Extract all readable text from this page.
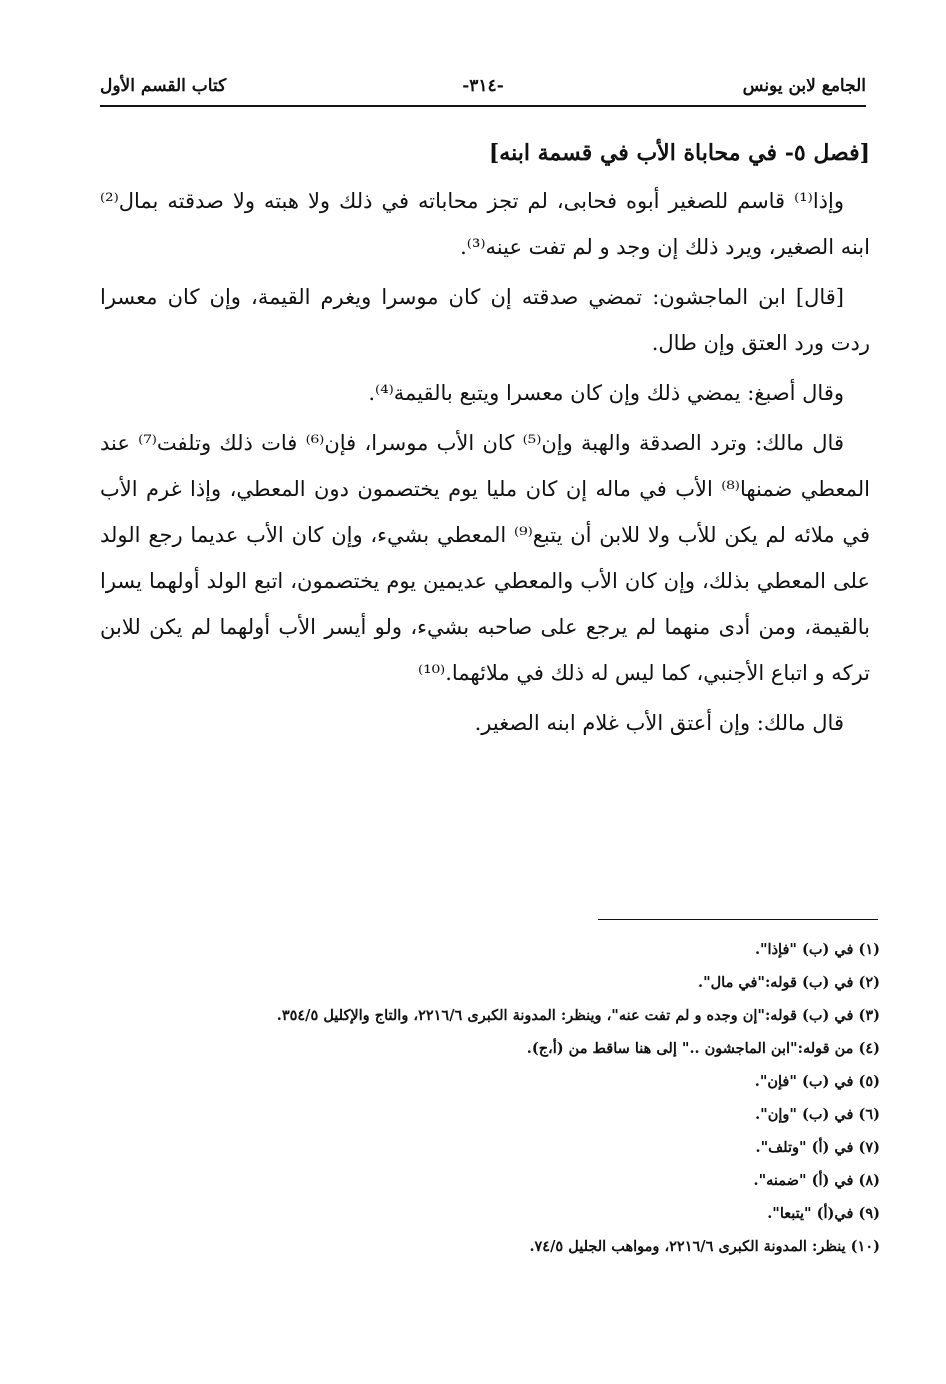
الجامع لابن يونس
-٣١٤-
كتاب القسم الأول

[فصل ٥- في محاباة الأب في قسمة ابنه]

وإذا⁽¹⁾ قاسم للصغير أبوه فحابى، لم تجز محاباته في ذلك ولا هبته ولا صدقته بمال⁽²⁾ ابنه الصغير، ويرد ذلك إن وجد و لم تفت عينه⁽³⁾.

[قال] ابن الماجشون: تمضي صدقته إن كان موسرا ويغرم القيمة، وإن كان معسرا ردت ورد العتق وإن طال.

وقال أصبغ: يمضي ذلك وإن كان معسرا ويتبع بالقيمة⁽⁴⁾.

قال مالك: وترد الصدقة والهبة وإن⁽⁵⁾ كان الأب موسرا، فإن⁽⁶⁾ فات ذلك وتلفت⁽⁷⁾ عند المعطي ضمنها⁽⁸⁾ الأب في ماله إن كان مليا يوم يختصمون دون المعطي، وإذا غرم الأب في ملائه لم يكن للأب ولا للابن أن يتبع⁽⁹⁾ المعطي بشيء، وإن كان الأب عديما رجع الولد على المعطي بذلك، وإن كان الأب والمعطي عديمين يوم يختصمون، اتبع الولد أولهما يسرا بالقيمة، ومن أدى منهما لم يرجع على صاحبه بشيء، ولو أيسر الأب أولهما لم يكن للابن تركه و اتباع الأجنبي، كما ليس له ذلك في ملائهما.⁽¹⁰⁾

قال مالك: وإن أعتق الأب غلام ابنه الصغير.

(١) في (ب) "فإذا".
(٢) في (ب) قوله:"في مال".
(٣) في (ب) قوله:"إن وجده و لم تفت عنه"، وينظر: المدونة الكبرى ٢٢١٦/٦، والتاج والإكليل ٣٥٤/٥.
(٤) من قوله:"ابن الماجشون .." إلى هنا ساقط من (أ،ج).
(٥) في (ب) "فإن".
(٦) في (ب) "وإن".
(٧) في (أ) "وتلف".
(٨) في (أ) "ضمنه".
(٩) في(أ) "يتبعا".
(١٠) ينظر: المدونة الكبرى ٢٢١٦/٦، ومواهب الجليل ٧٤/٥.
